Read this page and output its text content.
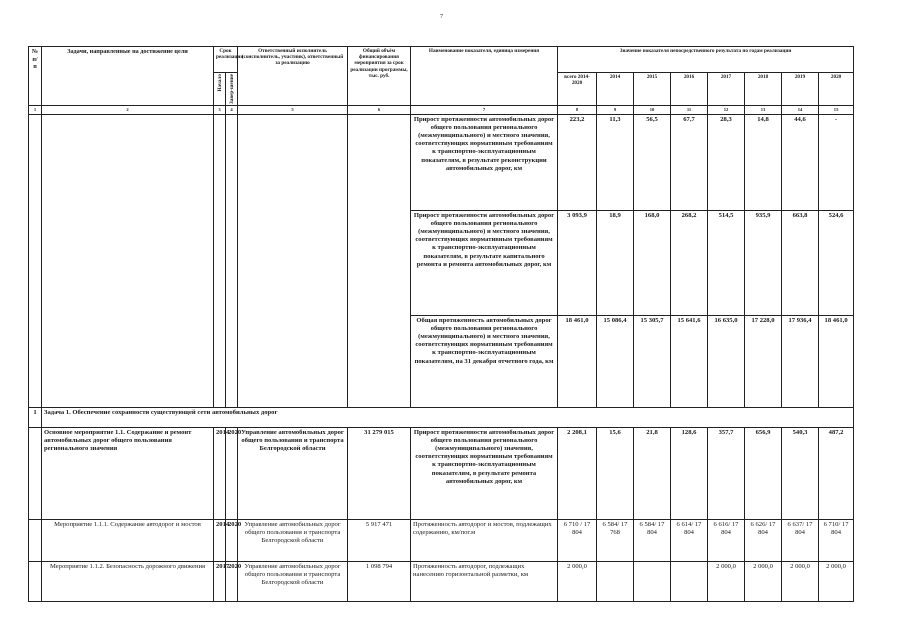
7
№
п/п	Задачи, направленные на достижение цели	Срок реализации		Ответственный исполнитель (соисполнитель, участник), ответственный за реализацию	Общий объём финансирования мероприятия за срок реализации программы, тыс. руб.	Наименование показателя, единица измерения	Значение показателя непосредственного результата по годам реализации							

		Начало	Завер-шение				всего 2014-2020	2014	2015	2016	2017	2018	2019	2020
1	2	3	4	5	6	7	8	9	10	11	12	13	14	15
						Прирост протяженности автомобильных дорог общего пользования регионального (межмуниципального) и местного значения, соответствующих нормативным требованиям к транспортно-эксплуатационным показателям, в результате реконструкции автомобильных дорог, км	223,2	11,3	56,5	67,7	28,3	14,8	44,6	-
						Прирост протяженности автомобильных дорог общего пользования регионального (межмуниципального) и местного значения, соответствующих нормативным требованиям к транспортно-эксплуатационным показателям, в результате капитального ремонта и ремонта автомобильных дорог, км	3 093,9	18,9	168,0	268,2	514,5	935,9	663,8	524,6
						Общая протяженность автомобильных дорог общего пользования регионального (межмуниципального) и местного значения, соответствующих нормативным требованиям к транспортно-эксплуатационным показателям, на 31 декабря отчетного года, км	18 461,0	15 086,4	15 305,7	15 641,6	16 635,0	17 228,0	17 936,4	18 461,0
1	Задача 1. Обеспечение сохранности существующей сети автомобильных дорог													
	Основное мероприятие 1.1. Содержание и ремонт автомобильных дорог общего пользования регионального значения	2014	2020	Управление автомобильных дорог общего пользования и транспорта Белгородской области	31 279 015	Прирост протяженности автомобильных дорог общего пользования регионального (межмуниципального) значения, соответствующих нормативным требованиям к транспортно-эксплуатационным показателям, в результате ремонта автомобильных дорог, км	2 208,1	15,6	21,8	128,6	357,7	656,9	540,3	487,2
	Мероприятие 1.1.1. Содержание автодорог и мостов	2014	2020	Управление автомобильных дорог общего пользования и транспорта Белгородской области	5 917 471	Протяженность автодорог и мостов, подлежащих содержанию, км/пог.м	6 710 / 17 804	6 584/ 17 768	6 584/ 17 804	6 614/ 17 804	6 616/ 17 804	6 626/ 17 804	6 637/ 17 804	6 710/ 17 804
	Мероприятие 1.1.2. Безопасность дорожного движения	2017	2020	Управление автомобильных дорог общего пользования и транспорта Белгородской области	1 098 794	Протяженность автодорог, подлежащих нанесению горизонтальной разметки, км	2 000,0				2 000,0	2 000,0	2 000,0	2 000,0
